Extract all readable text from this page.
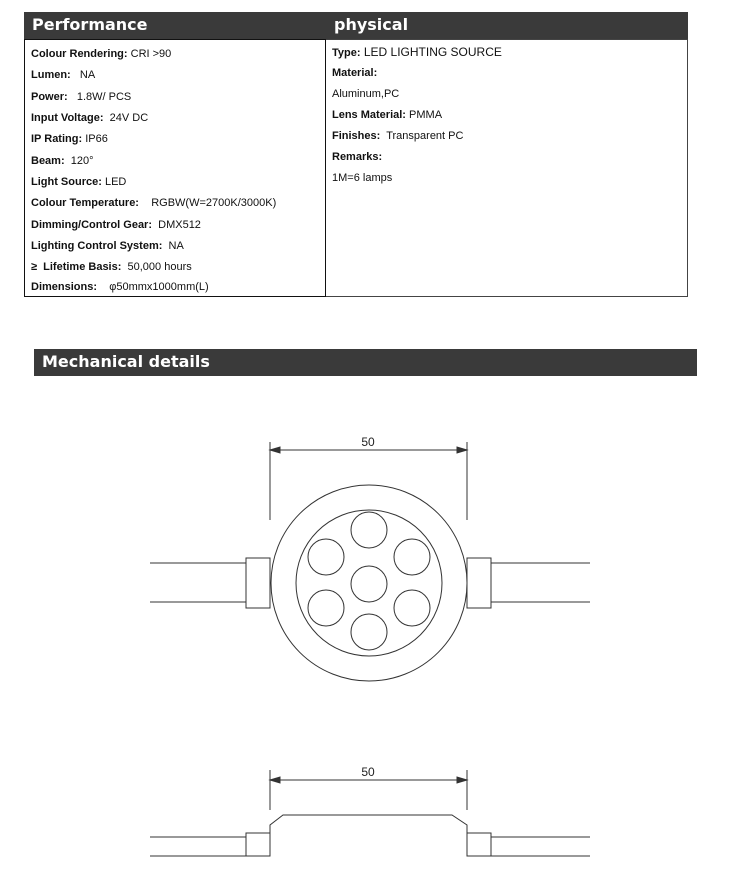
Performance	physical
Colour Rendering: CRI >90
Lumen:   NA
Power:   1.8W/ PCS
Input Voltage:  24V DC
IP Rating: IP66
Beam:  120°
Light Source: LED
Colour Temperature:    RGBW(W=2700K/3000K)
Dimming/Control Gear:  DMX512
Lighting Control System:  NA
≥  Lifetime Basis:  50,000 hours
Dimensions:    φ50mmx1000mm(L)
Type: LED LIGHTING SOURCE
Material:
Aluminum,PC
Lens Material: PMMA
Finishes:  Transparent PC
Remarks:
1M=6 lamps
Mechanical details
50
50
